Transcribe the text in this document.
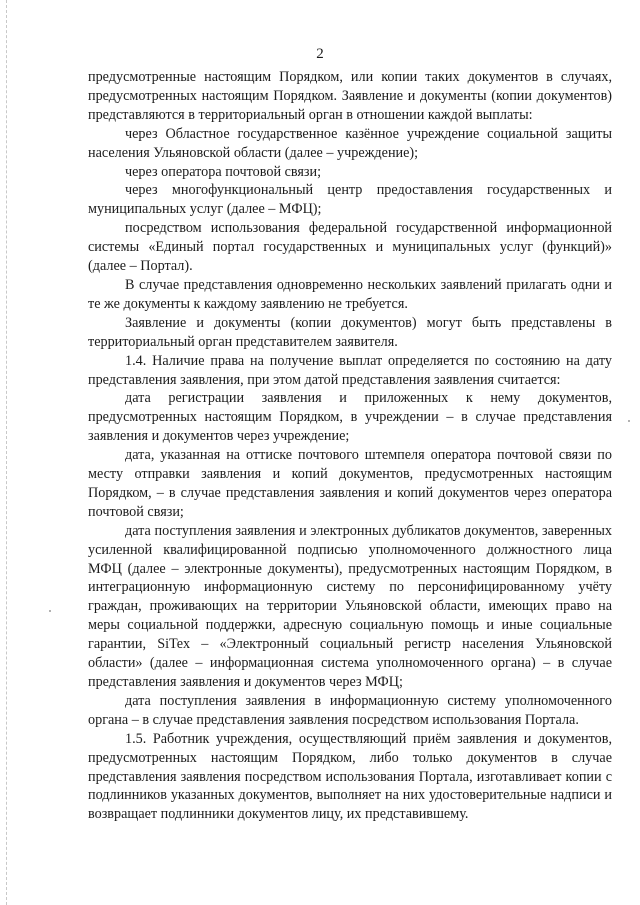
2

предусмотренные настоящим Порядком, или копии таких документов в случаях, предусмотренных настоящим Порядком. Заявление и документы (копии документов) представляются в территориальный орган в отношении каждой выплаты:

через Областное государственное казённое учреждение социальной защиты населения Ульяновской области (далее – учреждение);

через оператора почтовой связи;

через многофункциональный центр предоставления государственных и муниципальных услуг (далее – МФЦ);

посредством использования федеральной государственной информационной системы «Единый портал государственных и муниципальных услуг (функций)» (далее – Портал).

В случае представления одновременно нескольких заявлений прилагать одни и те же документы к каждому заявлению не требуется.

Заявление и документы (копии документов) могут быть представлены в территориальный орган представителем заявителя.

1.4. Наличие права на получение выплат определяется по состоянию на дату представления заявления, при этом датой представления заявления считается:

дата регистрации заявления и приложенных к нему документов, предусмотренных настоящим Порядком, в учреждении – в случае представления заявления и документов через учреждение;

дата, указанная на оттиске почтового штемпеля оператора почтовой связи по месту отправки заявления и копий документов, предусмотренных настоящим Порядком, – в случае представления заявления и копий документов через оператора почтовой связи;

дата поступления заявления и электронных дубликатов документов, заверенных усиленной квалифицированной подписью уполномоченного должностного лица МФЦ (далее – электронные документы), предусмотренных настоящим Порядком, в интеграционную информационную систему по персонифицированному учёту граждан, проживающих на территории Ульяновской области, имеющих право на меры социальной поддержки, адресную социальную помощь и иные социальные гарантии, SiTex – «Электронный социальный регистр населения Ульяновской области» (далее – информационная система уполномоченного органа) – в случае представления заявления и документов через МФЦ;

дата поступления заявления в информационную систему уполномоченного органа – в случае представления заявления посредством использования Портала.

1.5. Работник учреждения, осуществляющий приём заявления и документов, предусмотренных настоящим Порядком, либо только документов в случае представления заявления посредством использования Портала, изготавливает копии с подлинников указанных документов, выполняет на них удостоверительные надписи и возвращает подлинники документов лицу, их представившему.
